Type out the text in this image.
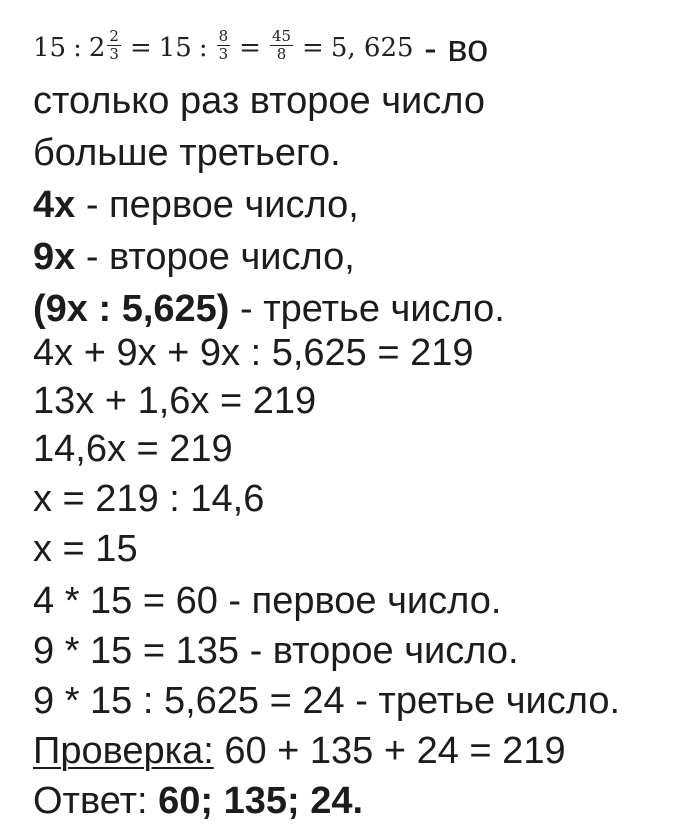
15 : $2 \frac{2}{3} = 15$ : $\frac{8}{3} = \frac{45}{8} = 5$, 625 - во
столько раз второе число
больше третьего.
4x - первое число,
9x - второе число,
(9x : 5,625) - третье число.
4x + 9x + 9x : 5,625 = 219
13x + 1,6x = 219
14,6x = 219
x = 219 : 14,6
x = 15
4 * 15 = 60 - первое число.
9 * 15 = 135 - второе число.
9 * 15 : 5,625 = 24 - третье число.
Проверка: 60 + 135 + 24 = 219
Ответ: 60; 135; 24.
